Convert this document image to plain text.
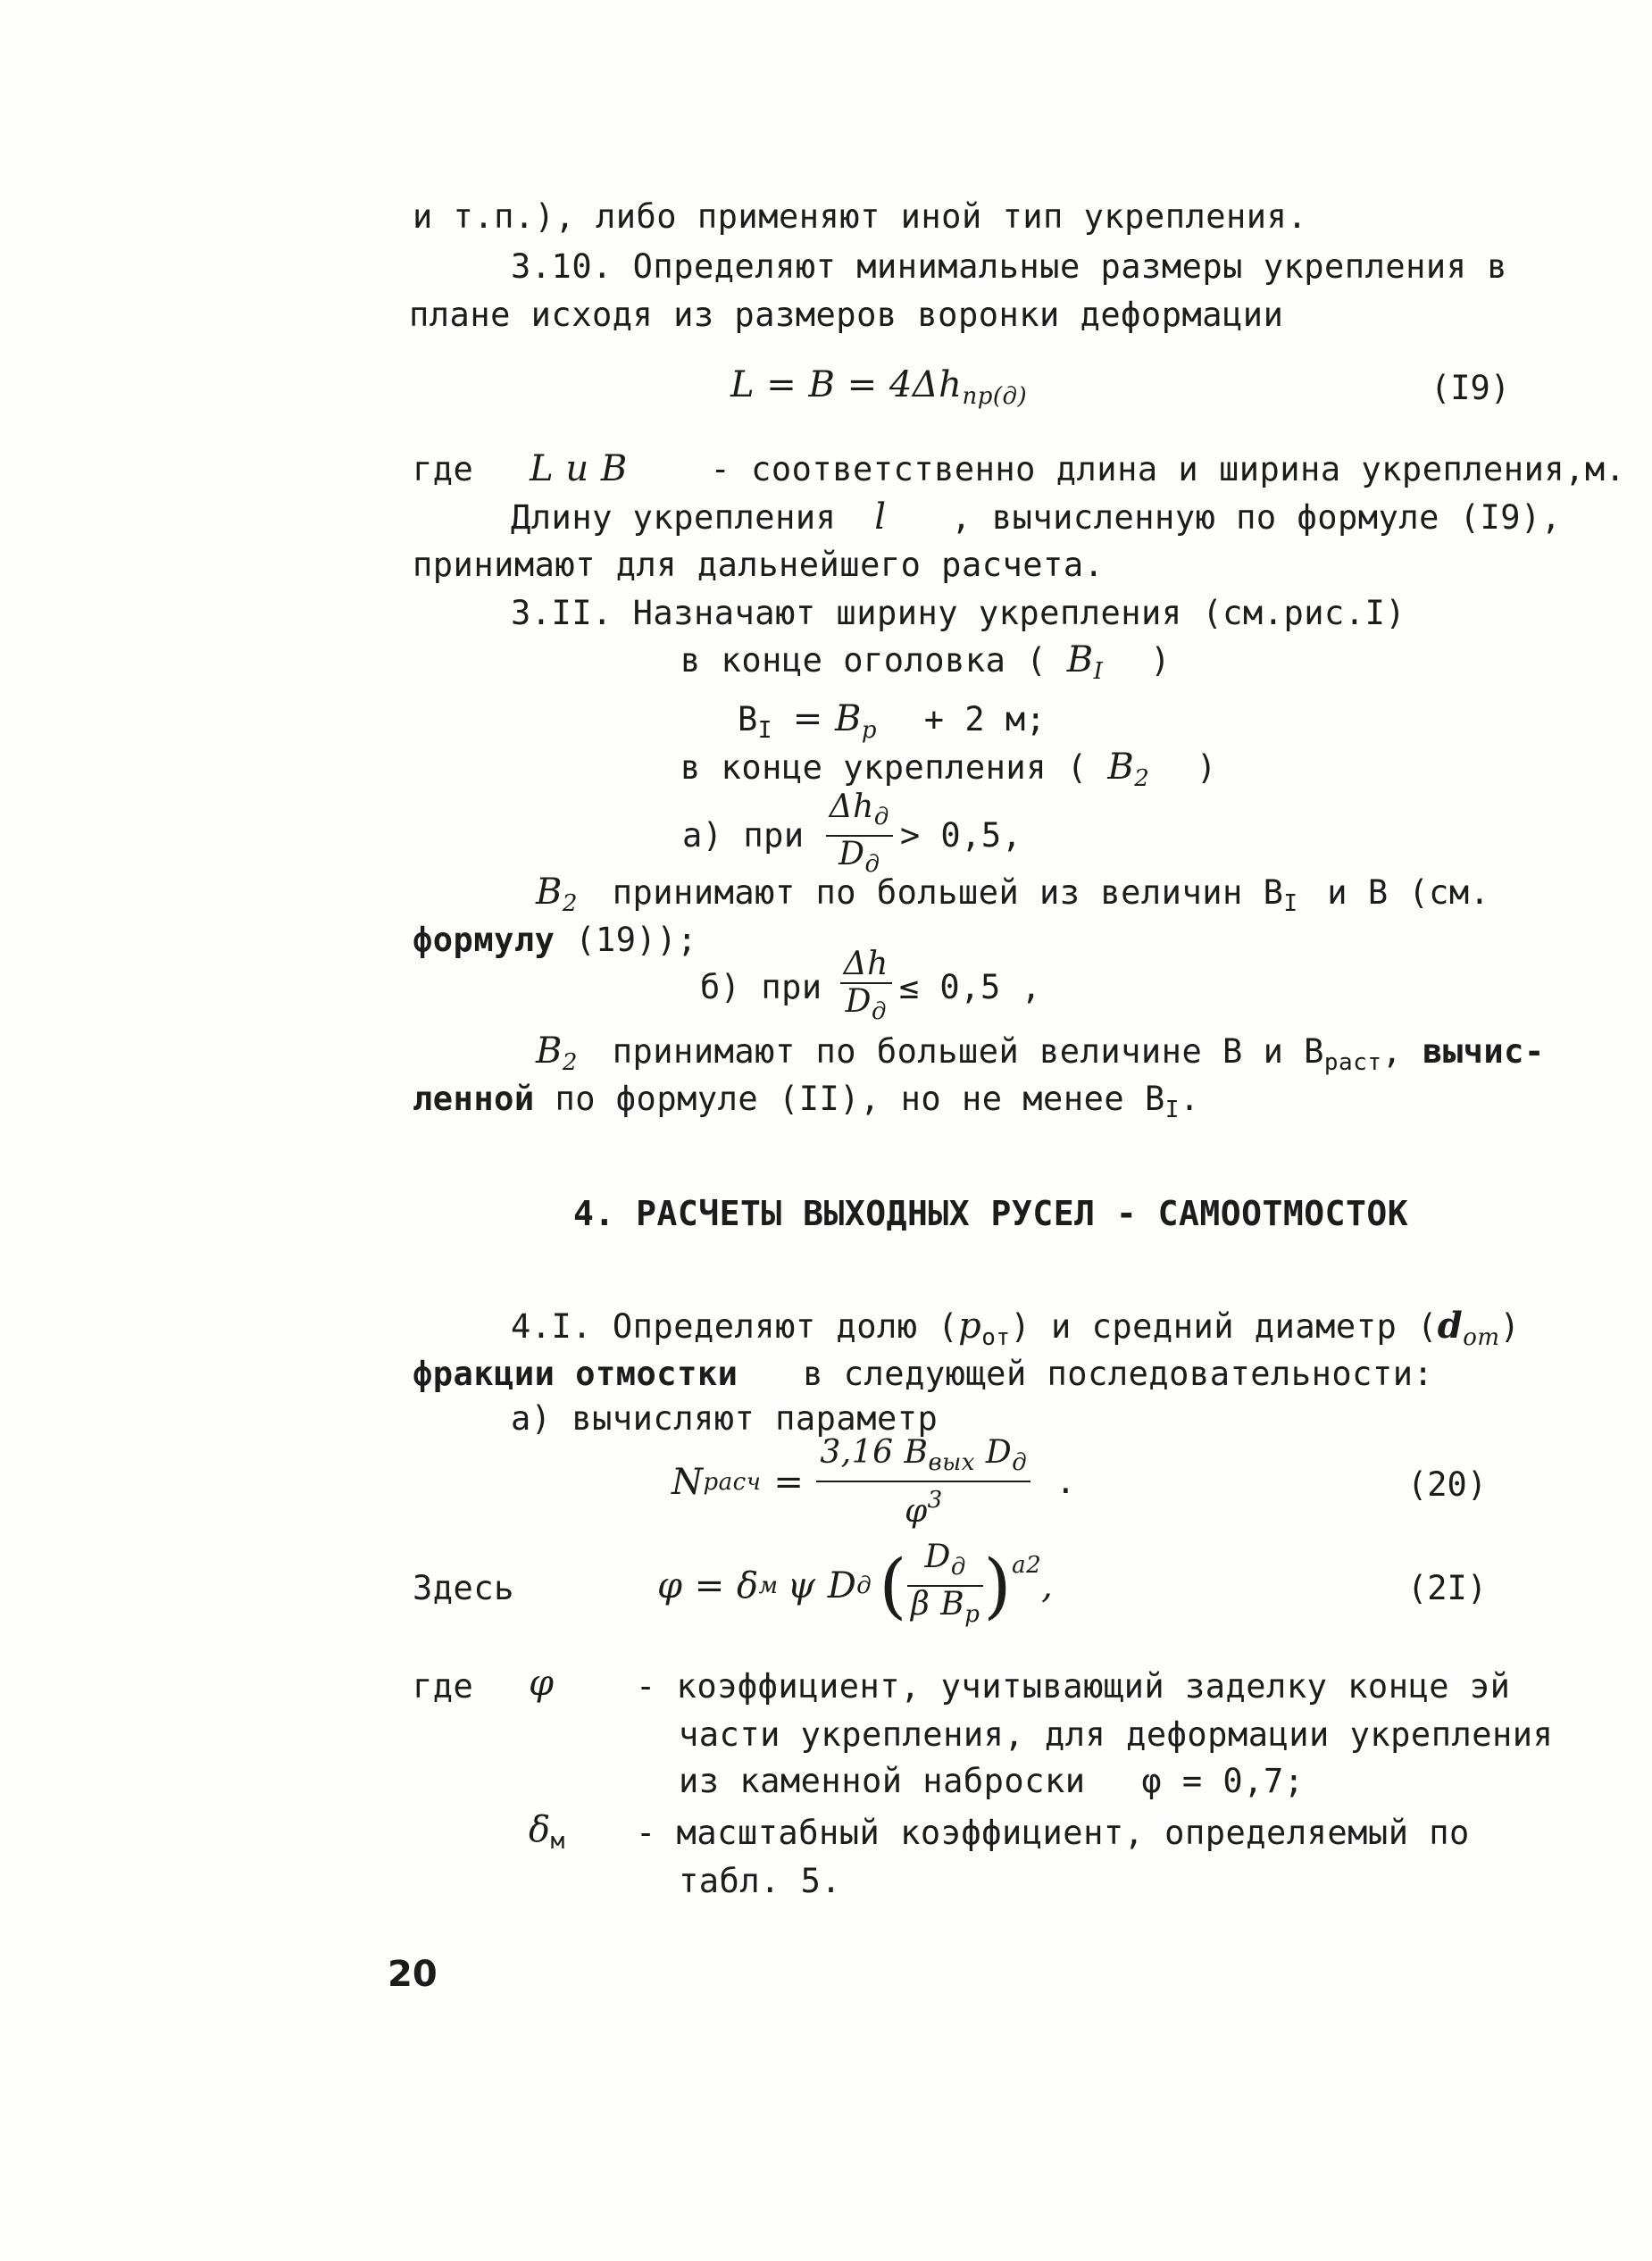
и т.п.), либо применяют иной тип укрепления.
3.10. Определяют минимальные размеры укрепления в
плане исходя из размеров воронки деформации
$L = B = 4\Delta h_{пр(д)}$	(I9)
где L и B	- соответственно длина и ширина укрепления,м.
Длину укрепления l , вычисленную по формуле (I9),
принимают для дальнейшего расчета.
3.II. Назначают ширину укрепления (см.рис.I)
в конце оголовка ( $B_I$ )
$B_I = B_р + 2$ м;
в конце укрепления ( $B_2$ )
а) при $\frac{\Delta h_д}{D_д} > 0,5$,
$B_2$ принимают по большей из величин $B_I$ и B (см.
формулу (19));
б) при $\frac{\Delta h}{D_д} \le 0,5$ ,
$B_2$ принимают по большей величине B и $B_{раст}$, вычис-
ленной по формуле (II), но не менее $B_I$.
4. РАСЧЕТЫ ВЫХОДНЫХ РУСЕЛ - САМООТМОСТОК
4.I. Определяют долю $(p_{от})$ и средний диаметр $(d_{от})$
фракции отмостки в следующей последовательности:
а) вычисляют параметр
N расч = $\frac{3,16 B_{вых} D_д}{\varphi^3}$ .	(20)
Здесь	φ = δ м ψ D д ( $\frac{D_д}{\beta B_р}$ ) a2 ,	(2I)
где φ - коэффициент, учитывающий заделку конце эй
части укрепления, для деформации укрепления
из каменной наброски φ = 0,7;
$\delta_м$ - масштабный коэффициент, определяемый по
табл. 5.
20
